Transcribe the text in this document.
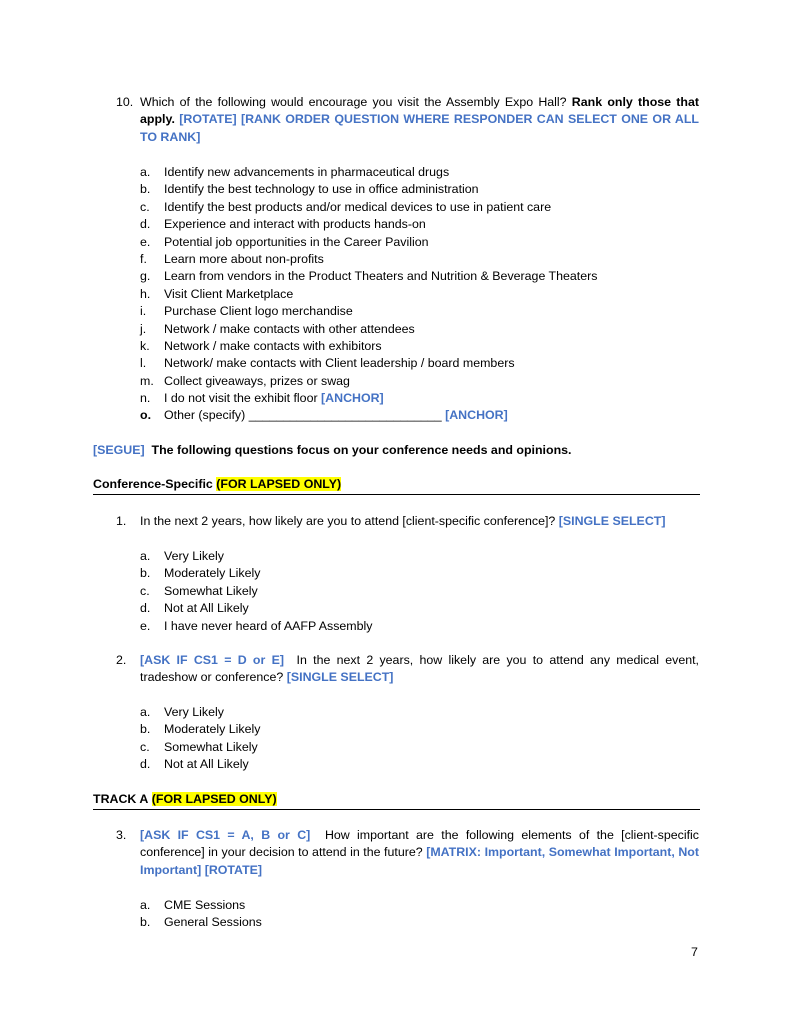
10. Which of the following would encourage you visit the Assembly Expo Hall? Rank only those that apply. [ROTATE] [RANK ORDER QUESTION WHERE RESPONDER CAN SELECT ONE OR ALL TO RANK]
a. Identify new advancements in pharmaceutical drugs
b. Identify the best technology to use in office administration
c. Identify the best products and/or medical devices to use in patient care
d. Experience and interact with products hands-on
e. Potential job opportunities in the Career Pavilion
f. Learn more about non-profits
g. Learn from vendors in the Product Theaters and Nutrition & Beverage Theaters
h. Visit Client Marketplace
i. Purchase Client logo merchandise
j. Network / make contacts with other attendees
k. Network / make contacts with exhibitors
l. Network/ make contacts with Client leadership / board members
m. Collect giveaways, prizes or swag
n. I do not visit the exhibit floor [ANCHOR]
o. Other (specify) ____________________________ [ANCHOR]
[SEGUE] The following questions focus on your conference needs and opinions.
Conference-Specific (FOR LAPSED ONLY)
1. In the next 2 years, how likely are you to attend [client-specific conference]? [SINGLE SELECT]
a. Very Likely
b. Moderately Likely
c. Somewhat Likely
d. Not at All Likely
e. I have never heard of AAFP Assembly
2. [ASK IF CS1 = D or E] In the next 2 years, how likely are you to attend any medical event, tradeshow or conference? [SINGLE SELECT]
a. Very Likely
b. Moderately Likely
c. Somewhat Likely
d. Not at All Likely
TRACK A (FOR LAPSED ONLY)
3. [ASK IF CS1 = A, B or C] How important are the following elements of the [client-specific conference] in your decision to attend in the future? [MATRIX: Important, Somewhat Important, Not Important] [ROTATE]
a. CME Sessions
b. General Sessions
7
